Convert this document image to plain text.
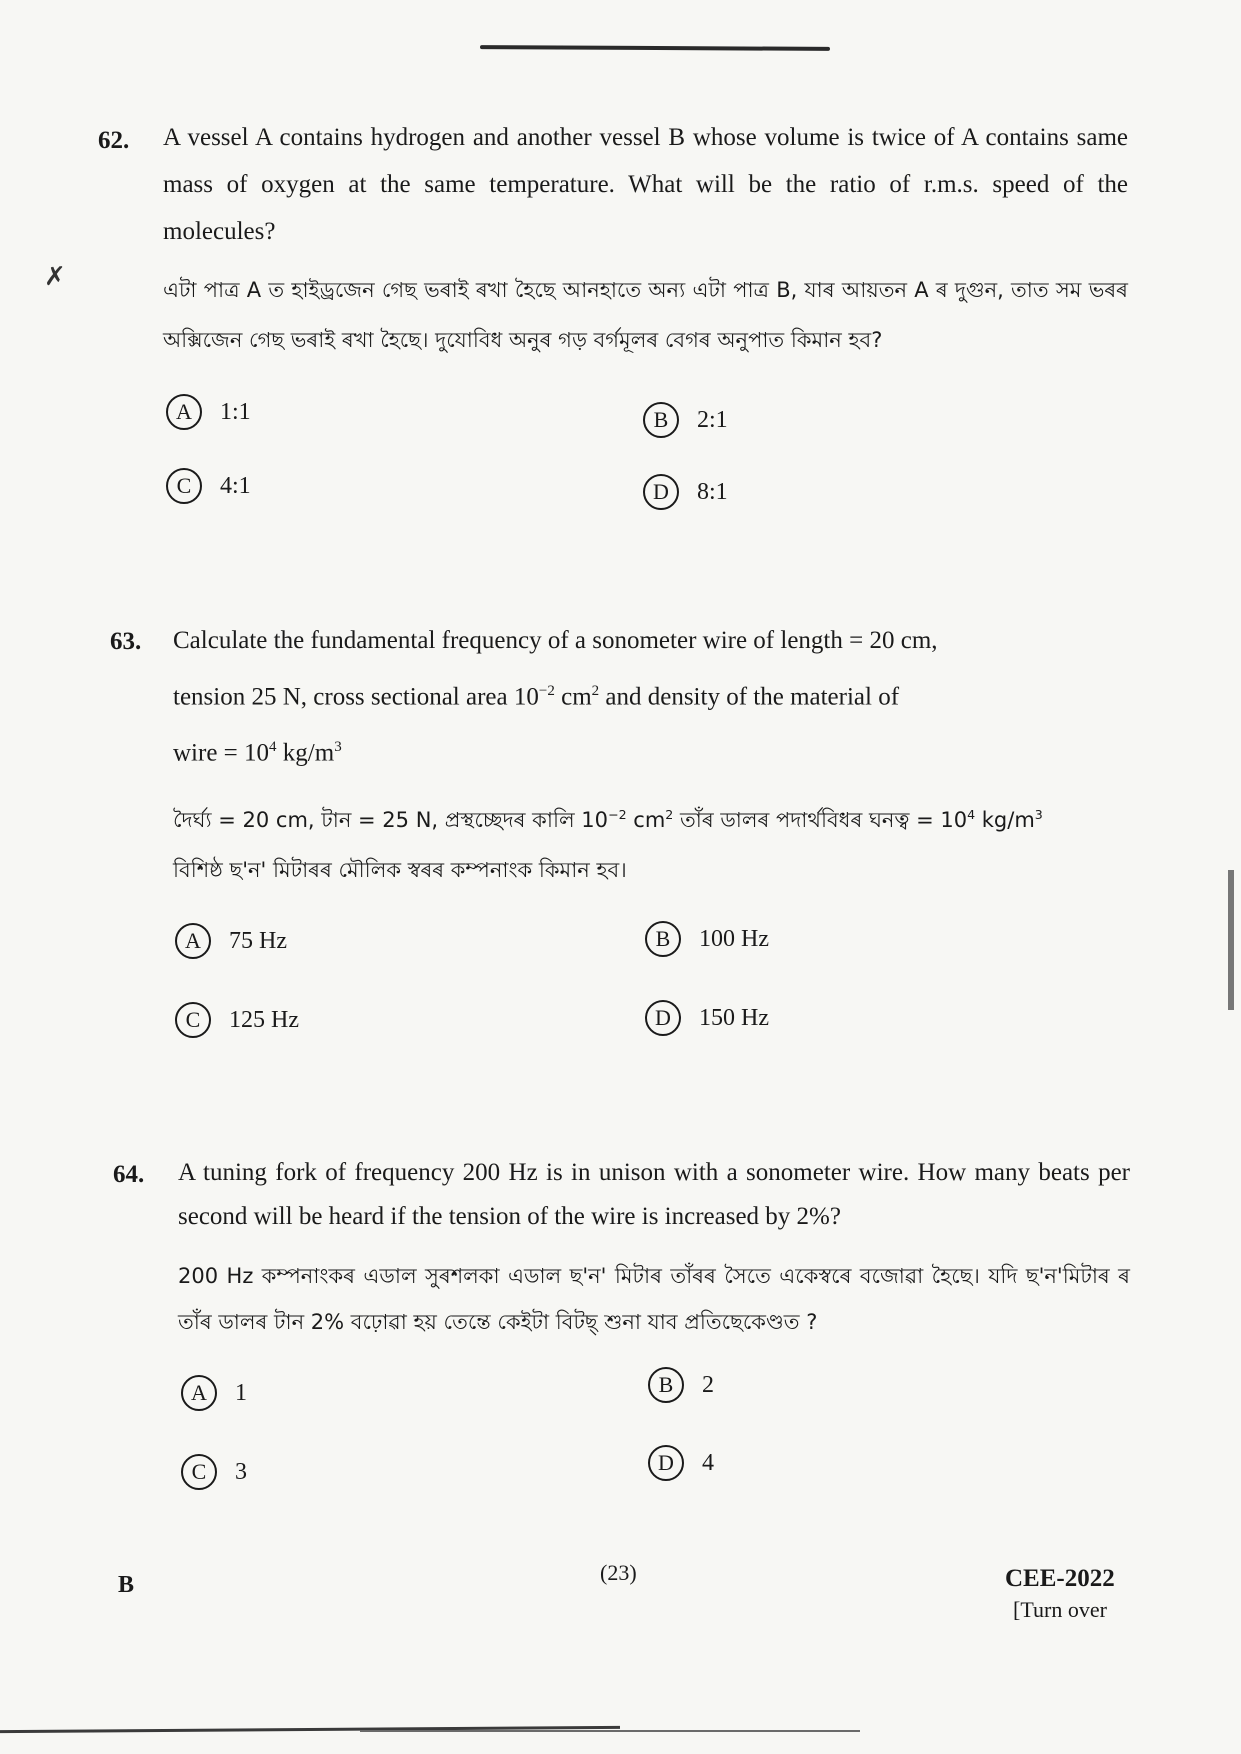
✗
62. A vessel A contains hydrogen and another vessel B whose volume is twice of A contains same mass of oxygen at the same temperature. What will be the ratio of r.m.s. speed of the molecules?
এটা পাত্ৰ A ত হাইড্ৰজেন গেছ ভৰাই ৰখা হৈছে আনহাতে অন্য এটা পাত্ৰ B, যাৰ আয়তন A ৰ দুগুন, তাত সম ভৰৰ অক্সিজেন গেছ ভৰাই ৰখা হৈছে। দুযোবিধ অনুৰ গড় বৰ্গমূলৰ বেগৰ অনুপাত কিমান হব?
A	1:1	B	2:1
C	4:1	D	8:1
63. Calculate the fundamental frequency of a sonometer wire of length = 20 cm,
tension 25 N, cross sectional area $10^{-2}$ $cm^2$ and density of the material of
wire = $10^4$ $kg/m^3$
দৈৰ্ঘ্য = 20 cm, টান = 25 N, প্ৰস্থচ্ছেদৰ কালি $10^{-2}$ $cm^2$ তাঁৰ ডালৰ পদাৰ্থবিধৰ ঘনত্ব = $10^4$ $kg/m^3$
বিশিষ্ঠ ছ'ন' মিটাৰৰ মৌলিক স্বৰৰ কম্পনাংক কিমান হব।
A	75 Hz	B	100 Hz
C	125 Hz	D	150 Hz
64. A tuning fork of frequency 200 Hz is in unison with a sonometer wire. How many beats per second will be heard if the tension of the wire is increased by 2%?
200 Hz কম্পনাংকৰ এডাল সুৰশলকা এডাল ছ'ন' মিটাৰ তাঁৰৰ সৈতে একেস্বৰে বজোৱা হৈছে। যদি ছ'ন'মিটাৰ ৰ তাঁৰ ডালৰ টান 2% বঢ়োৱা হয় তেন্তে কেইটা বিটছ্ শুনা যাব প্ৰতিছেকেণ্ডত ?
A	1	B	2
C	3	D	4
B	(23)	CEE-2022
[Turn over
